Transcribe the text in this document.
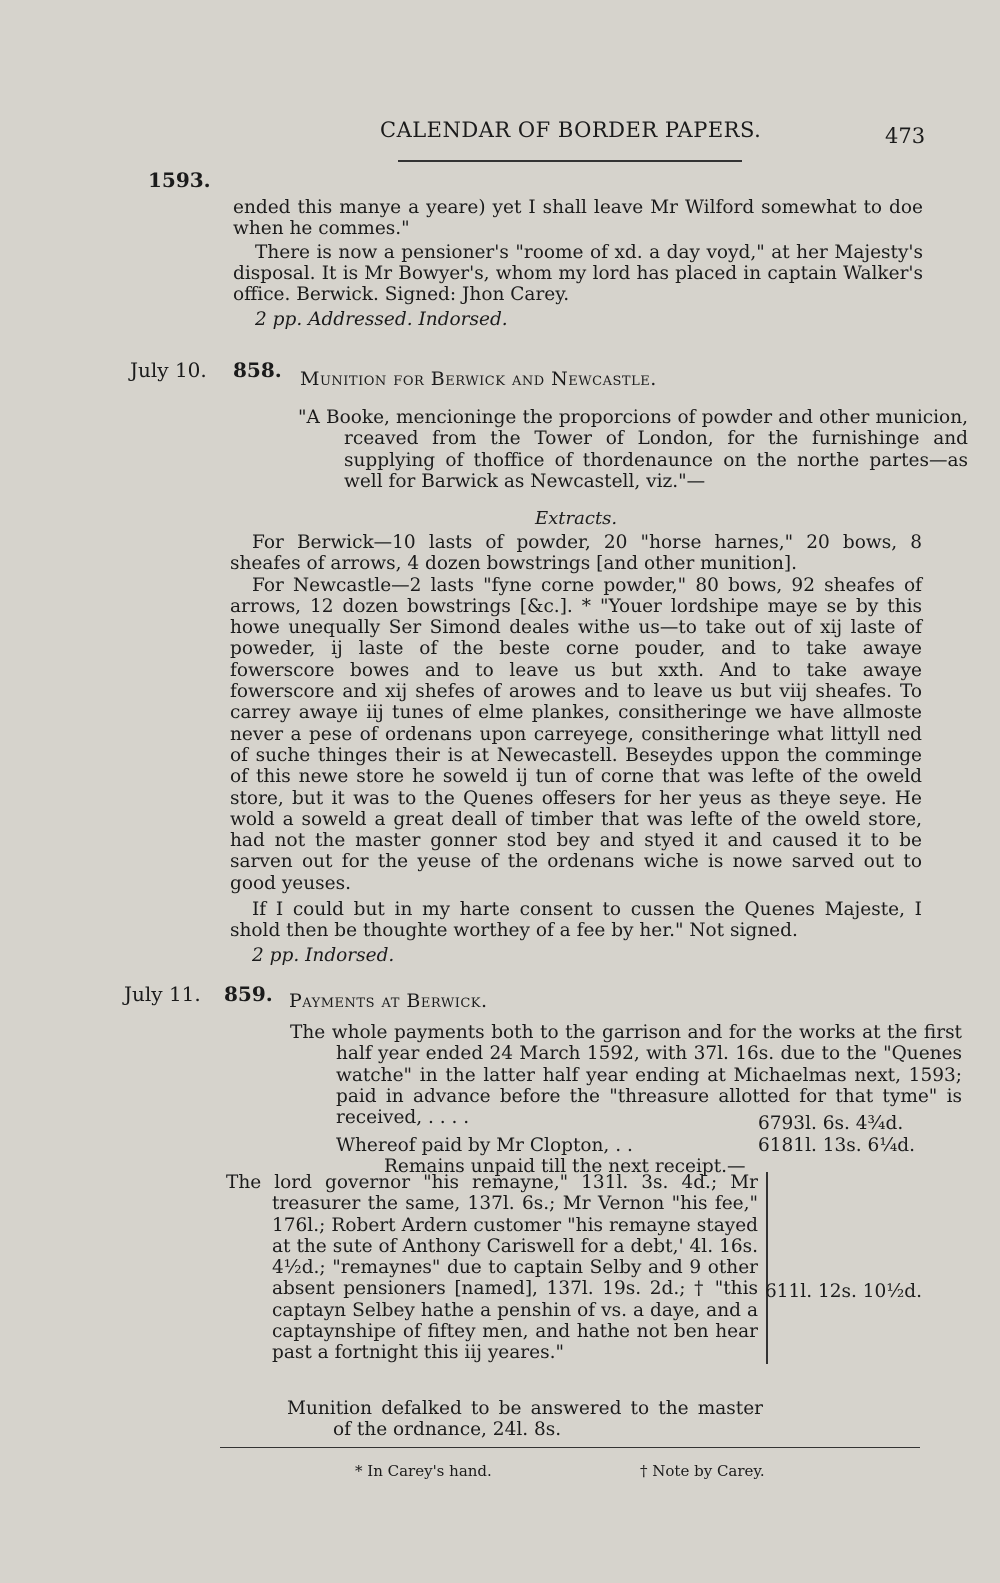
CALENDAR OF BORDER PAPERS.	473
1593.

ended this manye a yeare) yet I shall leave Mr Wilford somewhat to doe when he commes."

There is now a pensioner's "roome of xd. a day voyd," at her Majesty's disposal. It is Mr Bowyer's, whom my lord has placed in captain Walker's office. Berwick. Signed: Jhon Carey.

2 pp. Addressed. Indorsed.

July 10. 858. Munition for Berwick and Newcastle.
"A Booke, mencioninge the proporcions of powder and other municion, rceaved from the Tower of London, for the furnishinge and supplying of thoffice of thordenaunce on the northe partes—as well for Barwick as Newcastell, viz."—
Extracts.

For Berwick—10 lasts of powder, 20 "horse harnes," 20 bows, 8 sheafes of arrows, 4 dozen bowstrings [and other munition].

For Newcastle—2 lasts "fyne corne powder," 80 bows, 92 sheafes of arrows, 12 dozen bowstrings [&c.]. * "Youer lordshipe maye se by this howe unequally Ser Simond deales withe us—to take out of xij laste of poweder, ij laste of the beste corne pouder, and to take awaye fowerscore bowes and to leave us but xxth. And to take awaye fowerscore and xij shefes of arowes and to leave us but viij sheafes. To carrey awaye iij tunes of elme plankes, consitheringe we have allmoste never a pese of ordenans upon carreyege, consitheringe what littyll ned of suche thinges their is at Newecastell. Beseydes uppon the comminge of this newe store he soweld ij tun of corne that was lefte of the oweld store, but it was to the Quenes offesers for her yeus as theye seye. He wold a soweld a great deall of timber that was lefte of the oweld store, had not the master gonner stod bey and styed it and caused it to be sarven out for the yeuse of the ordenans wiche is nowe sarved out to good yeuses.

If I could but in my harte consent to cussen the Quenes Majeste, I shold then be thoughte worthey of a fee by her." Not signed.

2 pp. Indorsed.

July 11. 859. Payments at Berwick.
The whole payments both to the garrison and for the works at the first half year ended 24 March 1592, with 37l. 16s. due to the "Quenes watche" in the latter half year ending at Michaelmas next, 1593; paid in advance before the "threasure allotted for that tyme" is received, . . . .	6793l. 6s. 4¾d.
Whereof paid by Mr Clopton, . .	6181l. 13s. 6¼d.
Remains unpaid till the next receipt.—
The lord governor "his remayne," 131l. 3s. 4d.; Mr treasurer the same, 137l. 6s.; Mr Vernon "his fee," 176l.; Robert Ardern customer "his remayne stayed at the sute of Anthony Cariswell for a debt,' 4l. 16s. 4½d.; "remaynes" due to captain Selby and 9 other absent pensioners [named], 137l. 19s. 2d.; † "this captayn Selbey hathe a penshin of vs. a daye, and a captaynshipe of fiftey men, and hathe not ben hear past a fortnight this iij yeares."
611l. 12s. 10½d.
Munition defalked to be answered to the master of the ordnance, 24l. 8s.
* In Carey's hand.	† Note by Carey.
